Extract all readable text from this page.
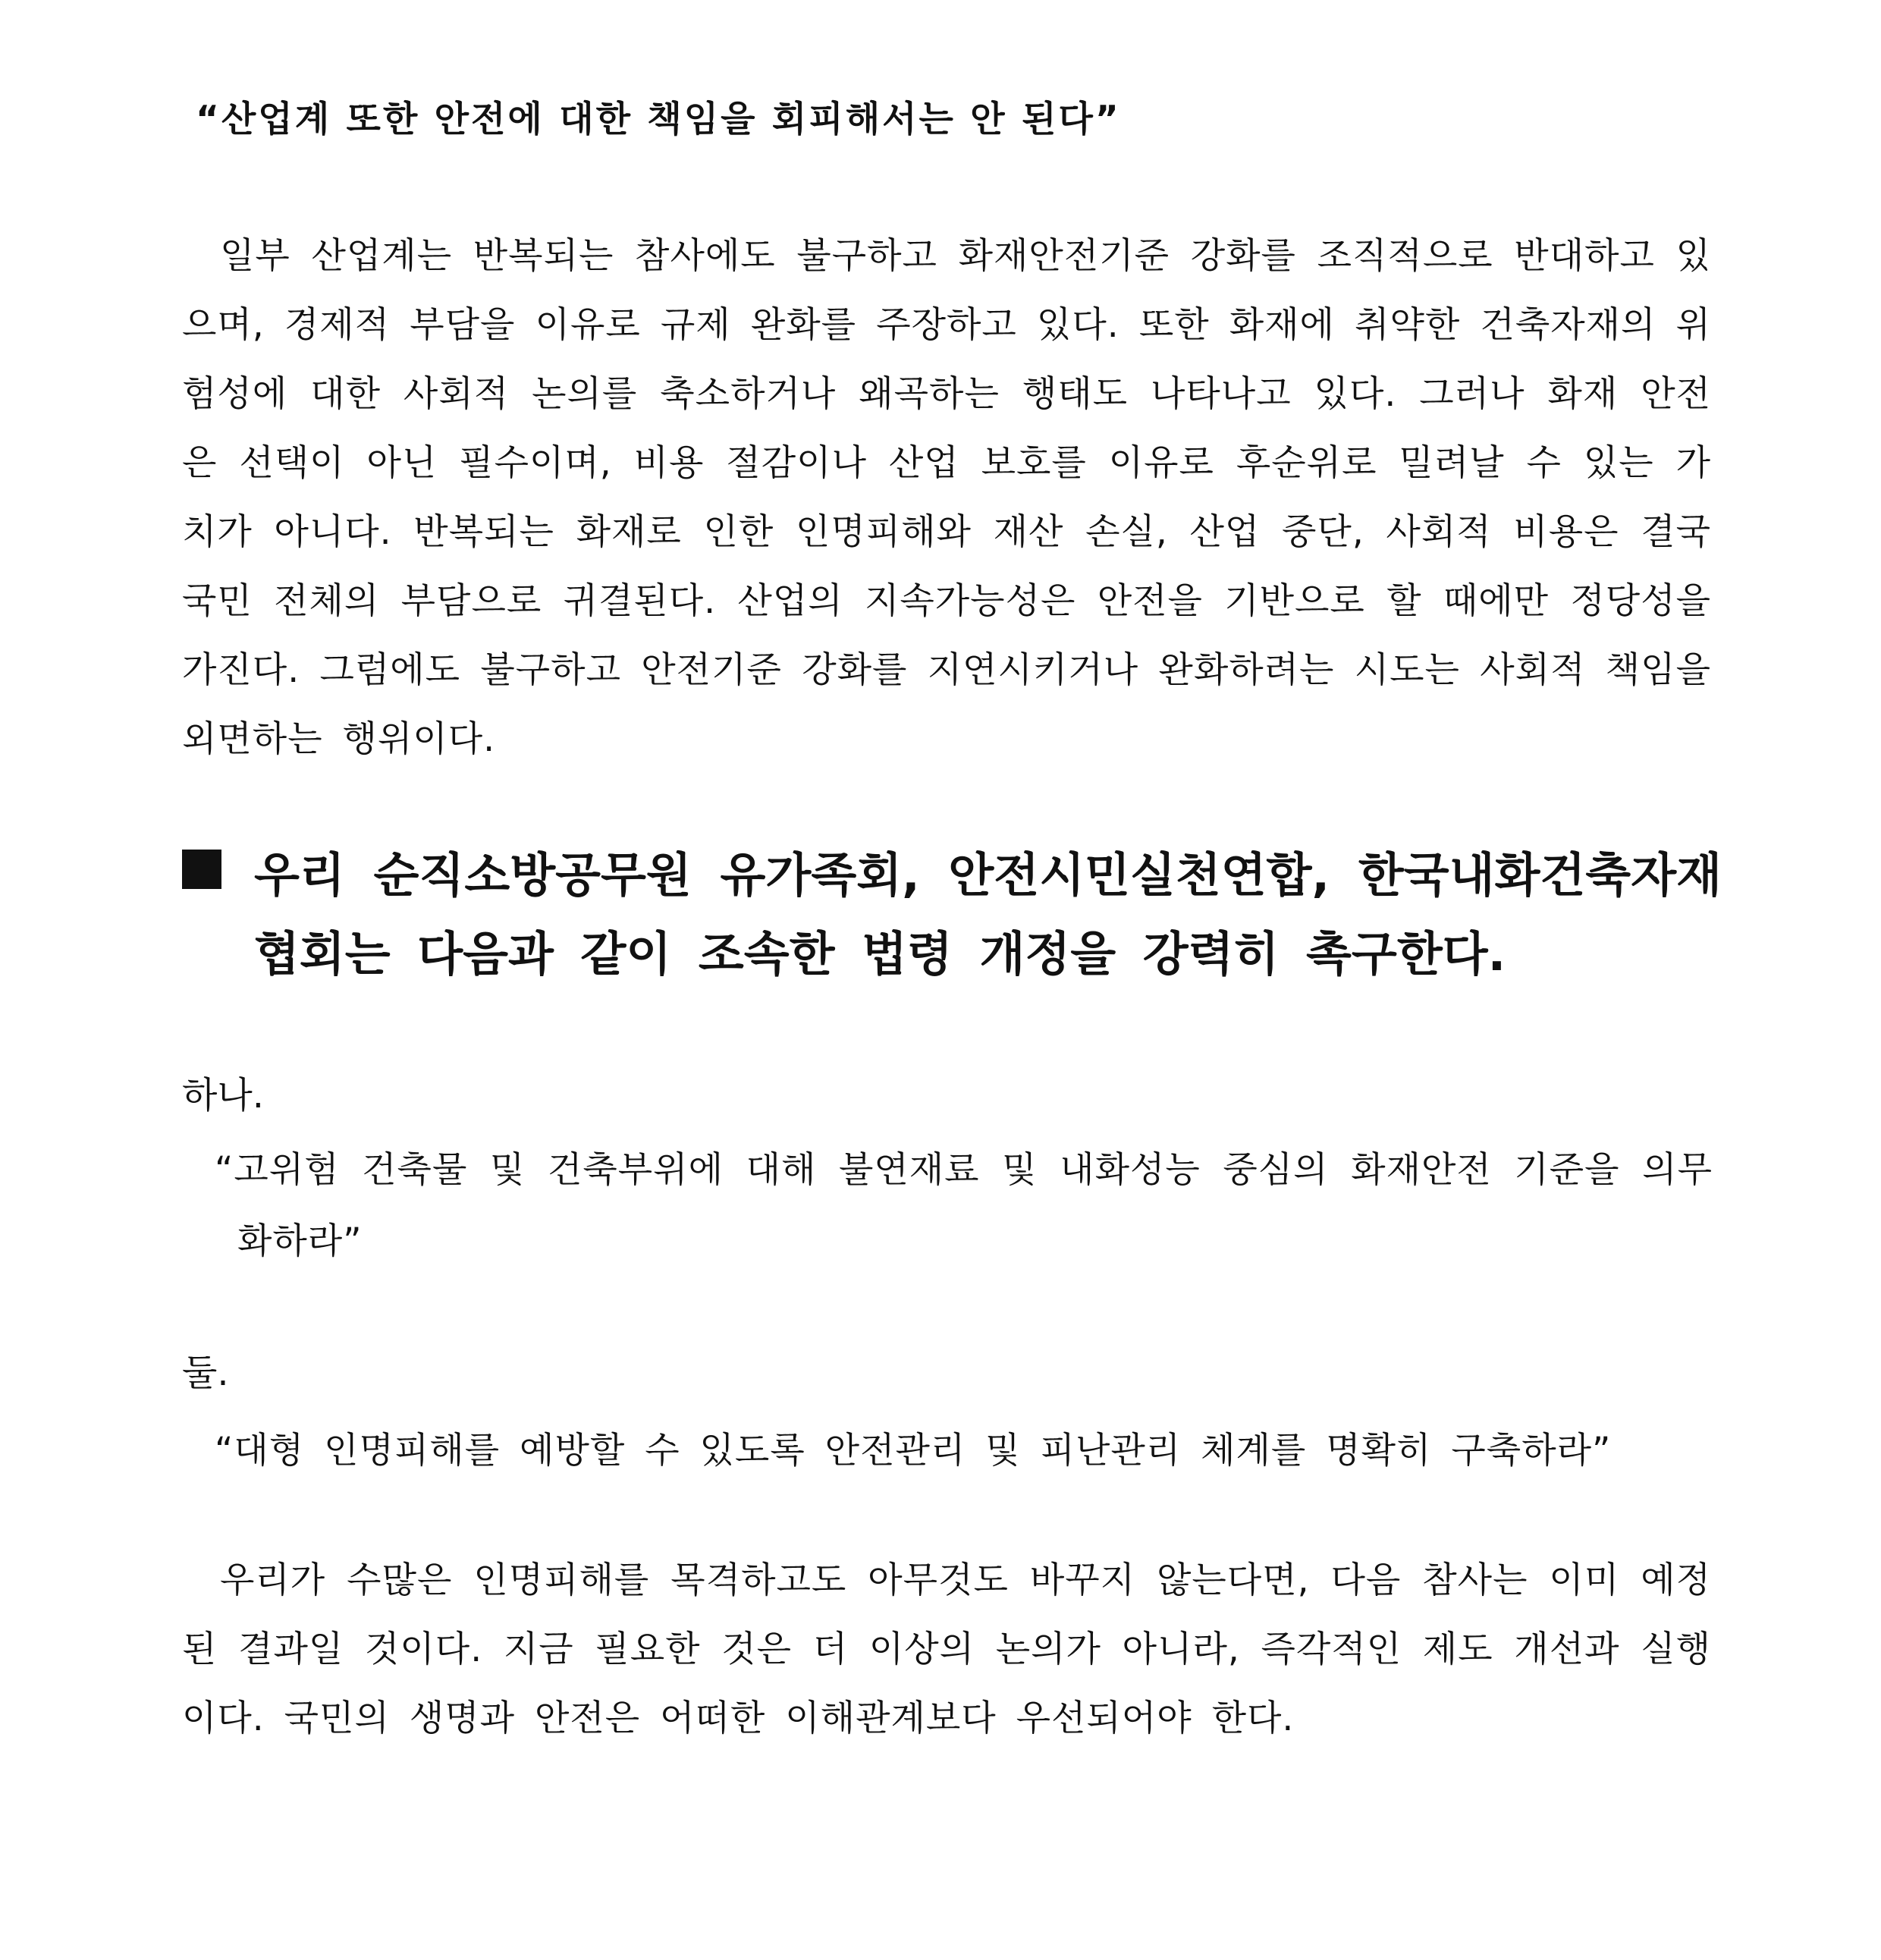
“산업계 또한 안전에 대한 책임을 회피해서는 안 된다”

일부 산업계는 반복되는 참사에도 불구하고 화재안전기준 강화를 조직적으로 반대하고 있으며, 경제적 부담을 이유로 규제 완화를 주장하고 있다. 또한 화재에 취약한 건축자재의 위험성에 대한 사회적 논의를 축소하거나 왜곡하는 행태도 나타나고 있다. 그러나 화재 안전은 선택이 아닌 필수이며, 비용 절감이나 산업 보호를 이유로 후순위로 밀려날 수 있는 가치가 아니다. 반복되는 화재로 인한 인명피해와 재산 손실, 산업 중단, 사회적 비용은 결국 국민 전체의 부담으로 귀결된다. 산업의 지속가능성은 안전을 기반으로 할 때에만 정당성을 가진다. 그럼에도 불구하고 안전기준 강화를 지연시키거나 완화하려는 시도는 사회적 책임을 외면하는 행위이다.

우리 순직소방공무원 유가족회, 안전시민실천연합, 한국내화건축자재협회는 다음과 같이 조속한 법령 개정을 강력히 촉구한다.
하나.
“고위험 건축물 및 건축부위에 대해 불연재료 및 내화성능 중심의 화재안전 기준을 의무화하라”
둘.
“대형 인명피해를 예방할 수 있도록 안전관리 및 피난관리 체계를 명확히 구축하라”

우리가 수많은 인명피해를 목격하고도 아무것도 바꾸지 않는다면, 다음 참사는 이미 예정된 결과일 것이다. 지금 필요한 것은 더 이상의 논의가 아니라, 즉각적인 제도 개선과 실행이다. 국민의 생명과 안전은 어떠한 이해관계보다 우선되어야 한다.
